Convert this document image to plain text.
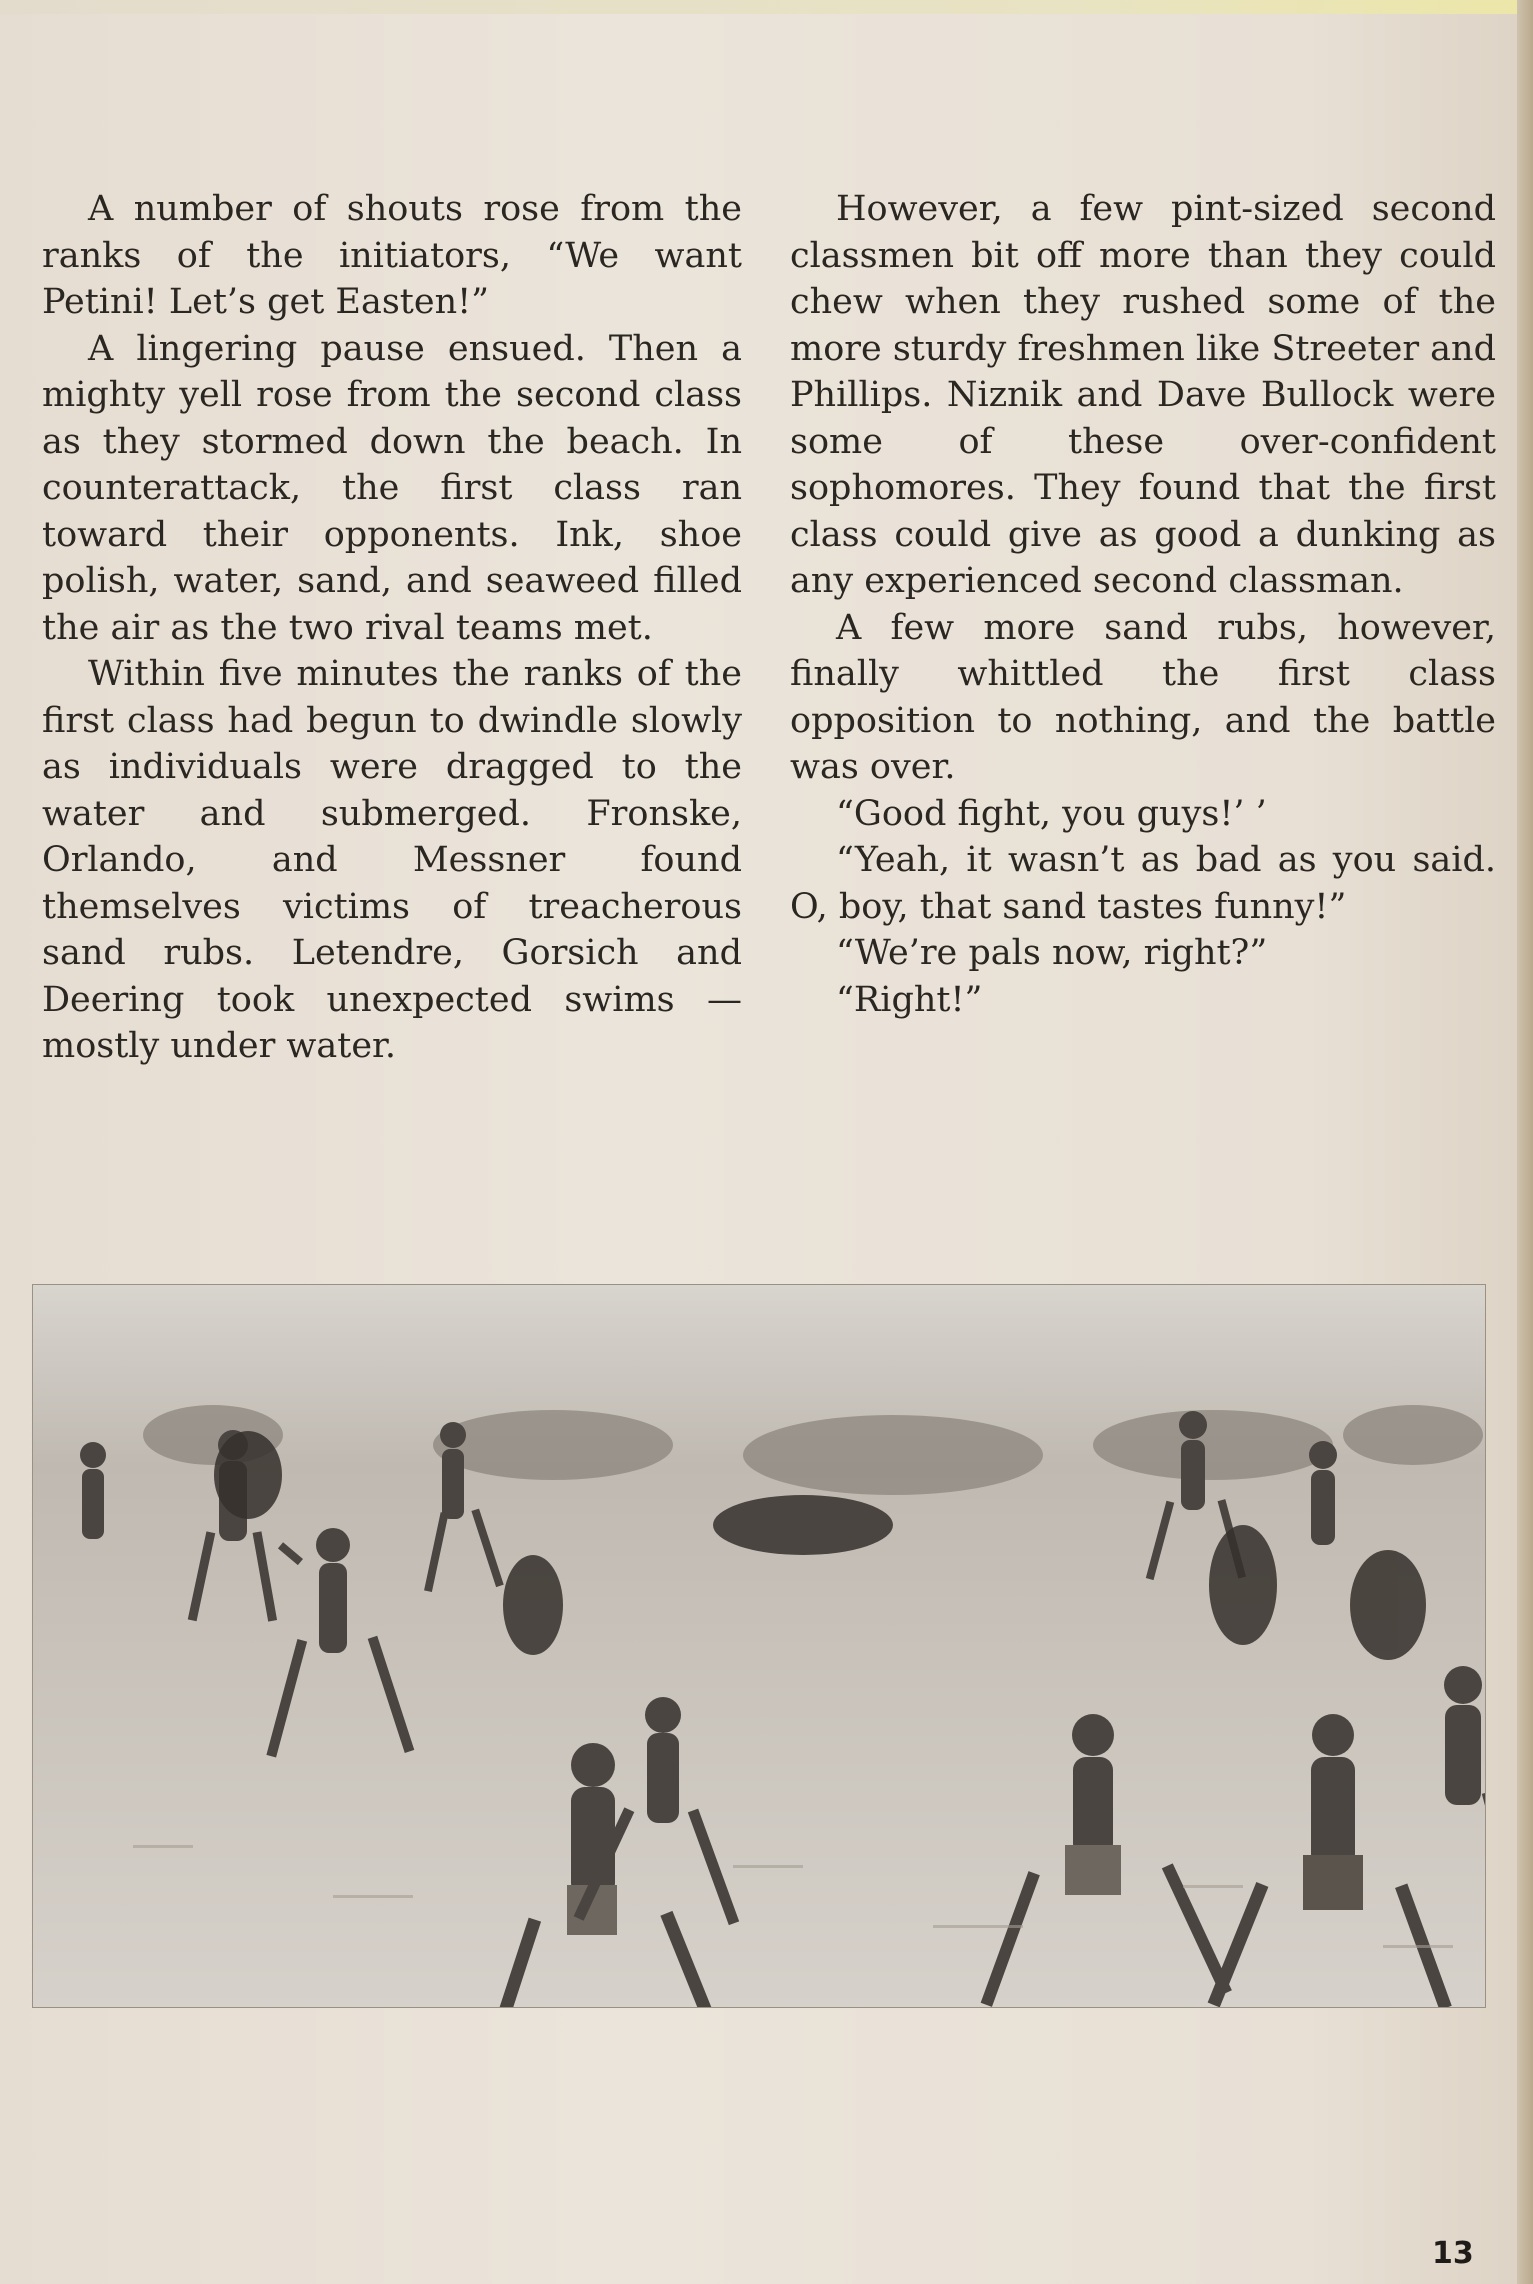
A number of shouts rose from the ranks of the initiators, “We want Petini! Let’s get Easten!”

A lingering pause ensued. Then a mighty yell rose from the second class as they stormed down the beach. In counterattack, the first class ran toward their opponents. Ink, shoe polish, water, sand, and seaweed filled the air as the two rival teams met.

Within five minutes the ranks of the first class had begun to dwindle slowly as individuals were dragged to the water and submerged. Fronske, Orlando, and Messner found themselves victims of treacherous sand rubs. Letendre, Gorsich and Deering took unexpected swims — mostly under water.

However, a few pint-sized second classmen bit off more than they could chew when they rushed some of the more sturdy freshmen like Streeter and Phillips. Niznik and Dave Bullock were some of these over-confident sophomores. They found that the first class could give as good a dunking as any experienced second classman.

A few more sand rubs, however, finally whittled the first class opposition to nothing, and the battle was over.

“Good fight, you guys!’ ’

“Yeah, it wasn’t as bad as you said. O, boy, that sand tastes funny!”

“We’re pals now, right?”

“Right!”

13
